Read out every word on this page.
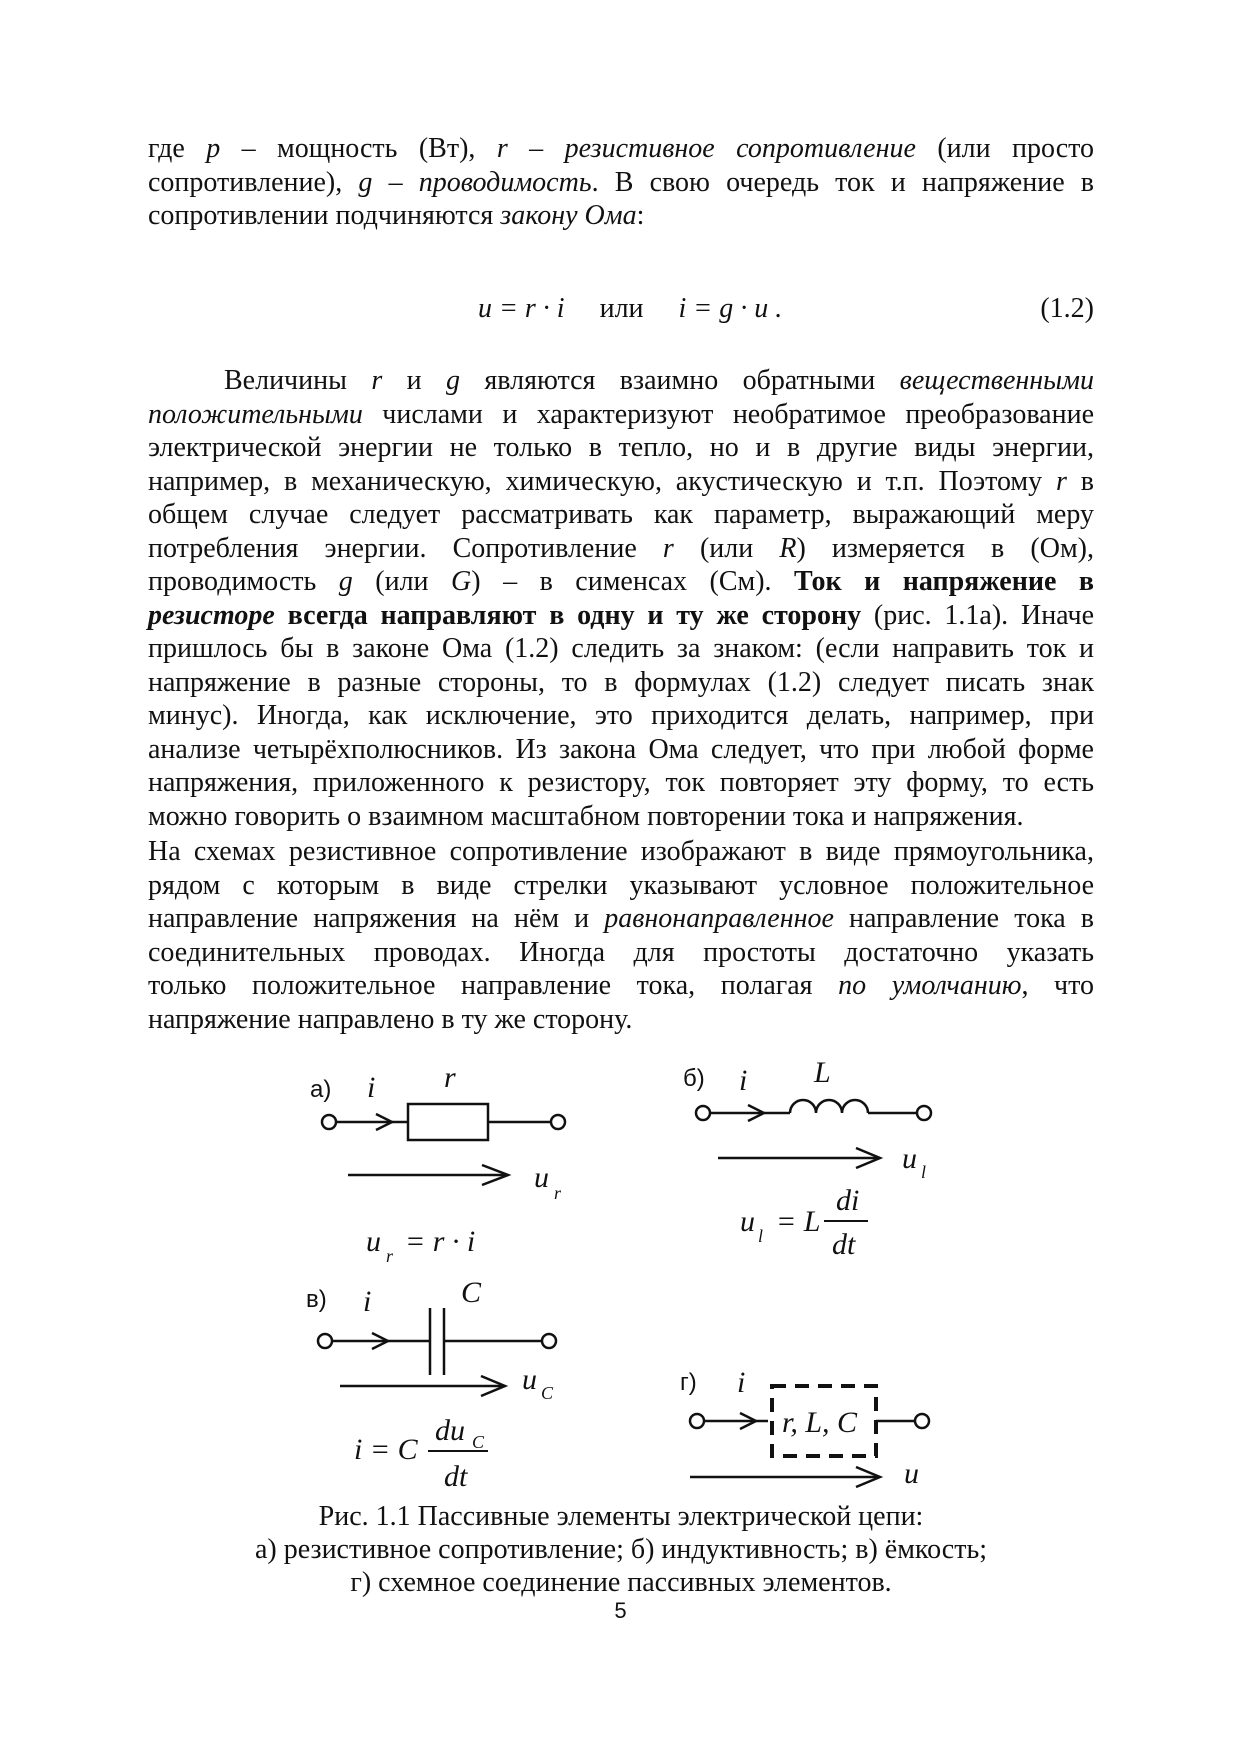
где p – мощность (Вт), r – резистивное сопротивление (или просто

сопротивление), g – проводимость. В свою очередь ток и напряжение в

сопротивлении подчиняются закону Ома:

u = r · i или i = g · u .	(1.2)

Величины r и g являются взаимно обратными вещественными

положительными числами и характеризуют необратимое преобразование

электрической энергии не только в тепло, но и в другие виды энергии,

например, в механическую, химическую, акустическую и т.п. Поэтому r в

общем случае следует рассматривать как параметр, выражающий меру

потребления энергии. Сопротивление r (или R) измеряется в (Ом),

проводимость g (или G) – в сименсах (См). Ток и напряжение в

резисторе всегда направляют в одну и ту же сторону (рис. 1.1а). Иначе

пришлось бы в законе Ома (1.2) следить за знаком: (если направить ток и

напряжение в разные стороны, то в формулах (1.2) следует писать знак

минус). Иногда, как исключение, это приходится делать, например, при

анализе четырёхполюсников. Из закона Ома следует, что при любой форме

напряжения, приложенного к резистору, ток повторяет эту форму, то есть

можно говорить о взаимном масштабном повторении тока и напряжения.

На схемах резистивное сопротивление изображают в виде прямоугольника,

рядом с которым в виде стрелки указывают условное положительное

направление напряжения на нём и равнонаправленное направление тока в

соединительных проводах. Иногда для простоты достаточно указать

только положительное направление тока, полагая по умолчанию, что

напряжение направлено в ту же сторону.

а) i r
u r
u r = r · i
б) i L
u l
u l = L
di
dt
в) i	C
u C
i = C
du C
dt
г) i
r, L, C
u
Рис. 1.1 Пассивные элементы электрической цепи:
а) резистивное сопротивление; б) индуктивность; в) ёмкость;
г) схемное соединение пассивных элементов.
5
